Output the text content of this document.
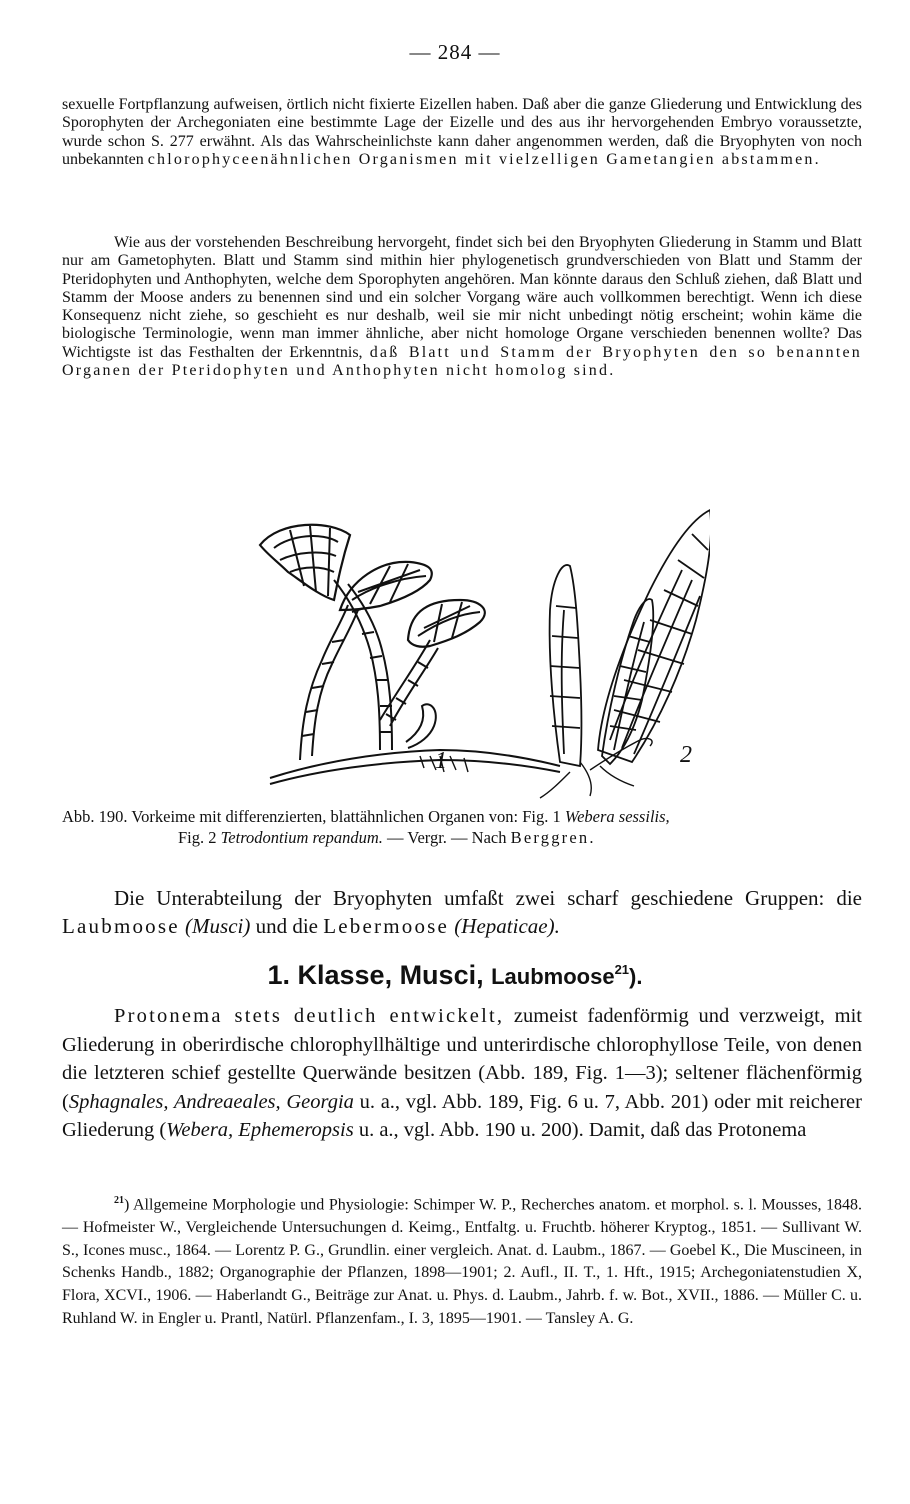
— 284 —

sexuelle Fortpflanzung aufweisen, örtlich nicht fixierte Eizellen haben. Daß aber die ganze Gliederung und Entwicklung des Sporophyten der Archegoniaten eine bestimmte Lage der Eizelle und des aus ihr hervorgehenden Embryo voraussetzte, wurde schon S. 277 erwähnt. Als das Wahrscheinlichste kann daher angenommen werden, daß die Bryophyten von noch unbekannten chlorophyceenähnlichen Organismen mit vielzelligen Gametangien abstammen.

Wie aus der vorstehenden Beschreibung hervorgeht, findet sich bei den Bryophyten Gliederung in Stamm und Blatt nur am Gametophyten. Blatt und Stamm sind mithin hier phylogenetisch grundverschieden von Blatt und Stamm der Pteridophyten und Anthophyten, welche dem Sporophyten angehören. Man könnte daraus den Schluß ziehen, daß Blatt und Stamm der Moose anders zu benennen sind und ein solcher Vorgang wäre auch vollkommen berechtigt. Wenn ich diese Konsequenz nicht ziehe, so geschieht es nur deshalb, weil sie mir nicht unbedingt nötig erscheint; wohin käme die biologische Terminologie, wenn man immer ähnliche, aber nicht homologe Organe verschieden benennen wollte? Das Wichtigste ist das Festhalten der Erkenntnis, daß Blatt und Stamm der Bryophyten den so benannten Organen der Pteridophyten und Anthophyten nicht homolog sind.

1	2
Abb. 190. Vorkeime mit differenzierten, blattähnlichen Organen von: Fig. 1 Webera sessilis,
Fig. 2 Tetrodontium repandum. — Vergr. — Nach Berggren.

Die Unterabteilung der Bryophyten umfaßt zwei scharf geschiedene Gruppen: die Laubmoose (Musci) und die Lebermoose (Hepaticae).

1. Klasse, Musci, Laubmoose$^{21}$).

Protonema stets deutlich entwickelt, zumeist fadenförmig und verzweigt, mit Gliederung in oberirdische chlorophyllhältige und unterirdische chlorophyllose Teile, von denen die letzteren schief gestellte Querwände besitzen (Abb. 189, Fig. 1—3); seltener flächenförmig (Sphagnales, Andreaeales, Georgia u. a., vgl. Abb. 189, Fig. 6 u. 7, Abb. 201) oder mit reicherer Gliederung (Webera, Ephemeropsis u. a., vgl. Abb. 190 u. 200). Damit, daß das Protonema

$^{21}$) Allgemeine Morphologie und Physiologie: Schimper W. P., Recherches anatom. et morphol. s. l. Mousses, 1848. — Hofmeister W., Vergleichende Untersuchungen d. Keimg., Entfaltg. u. Fruchtb. höherer Kryptog., 1851. — Sullivant W. S., Icones musc., 1864. — Lorentz P. G., Grundlin. einer vergleich. Anat. d. Laubm., 1867. — Goebel K., Die Muscineen, in Schenks Handb., 1882; Organographie der Pflanzen, 1898—1901; 2. Aufl., II. T., 1. Hft., 1915; Archegoniatenstudien X, Flora, XCVI., 1906. — Haberlandt G., Beiträge zur Anat. u. Phys. d. Laubm., Jahrb. f. w. Bot., XVII., 1886. — Müller C. u. Ruhland W. in Engler u. Prantl, Natürl. Pflanzenfam., I. 3, 1895—1901. — Tansley A. G.
